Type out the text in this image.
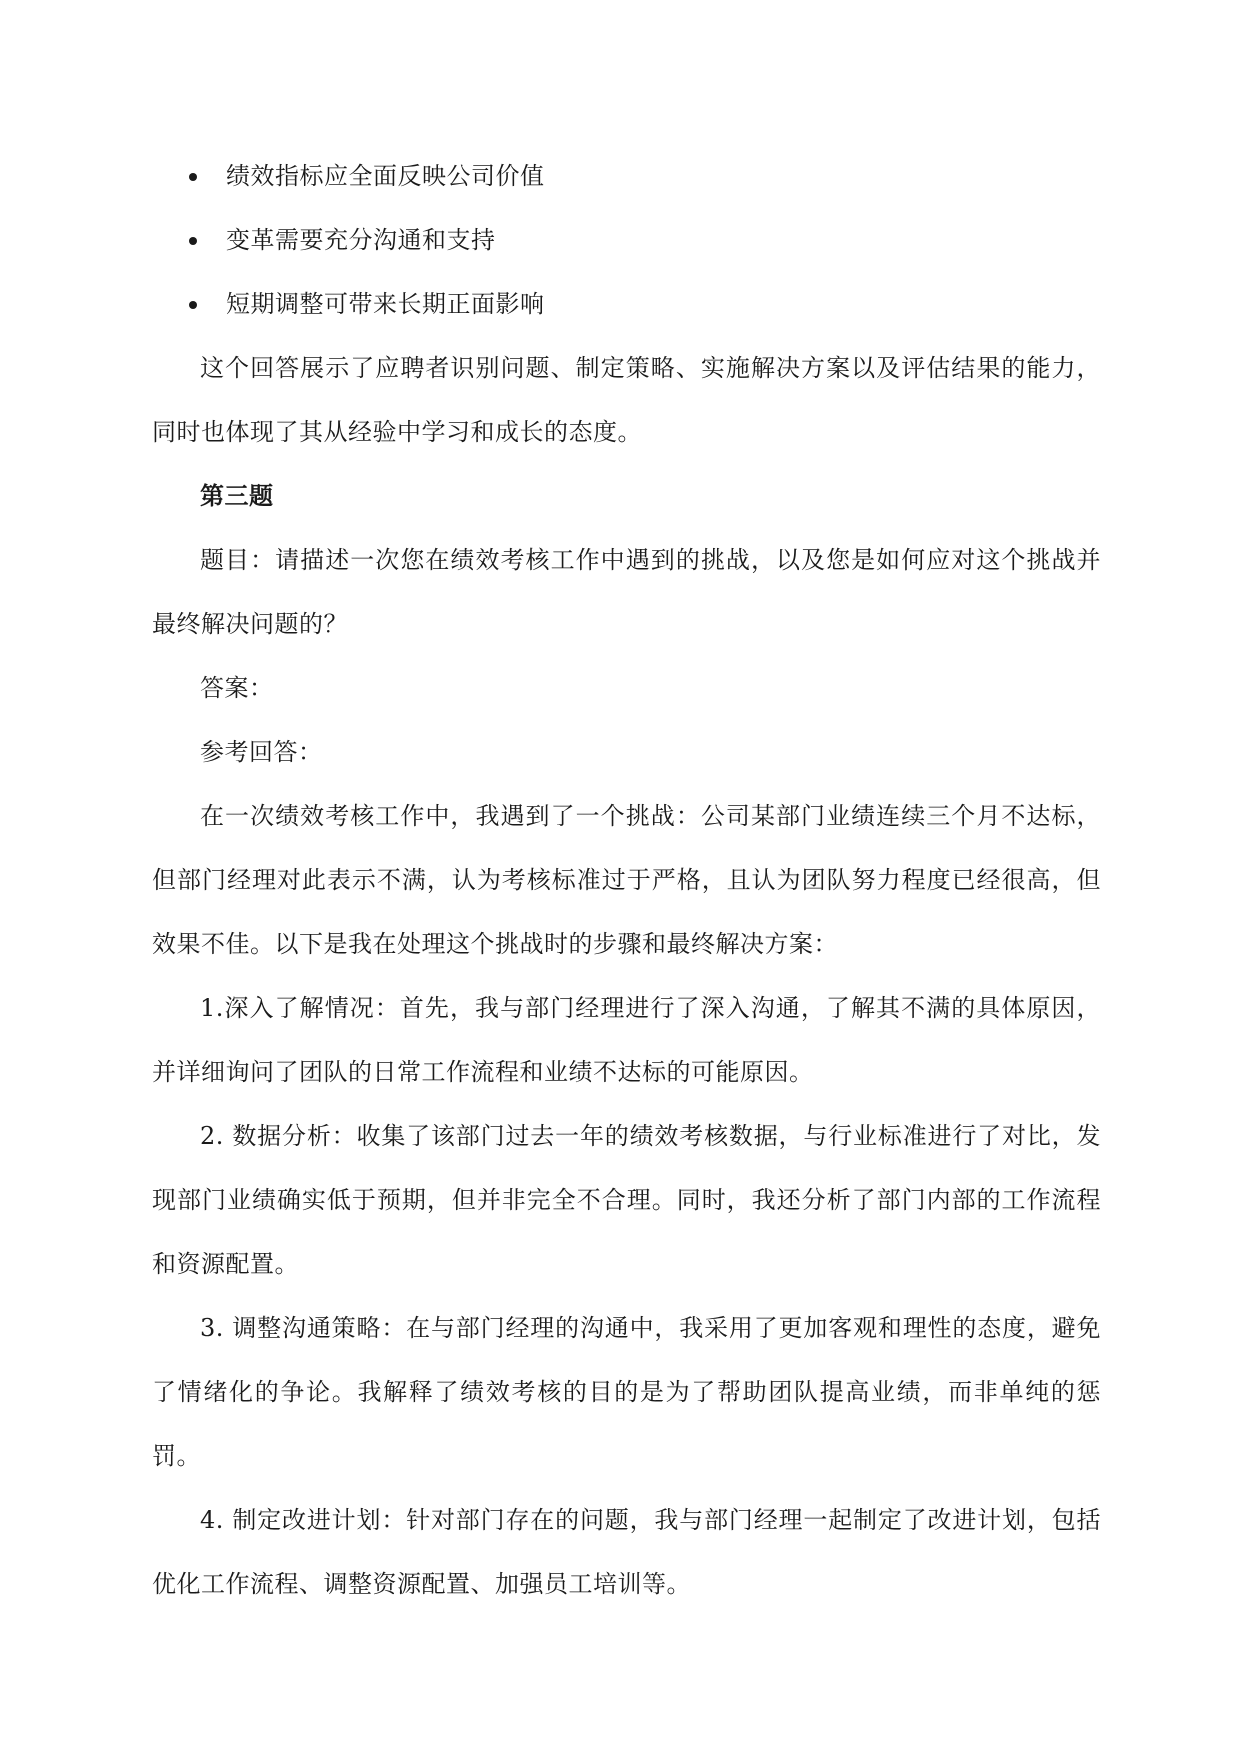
绩效指标应全面反映公司价值
变革需要充分沟通和支持
短期调整可带来长期正面影响

这个回答展示了应聘者识别问题、制定策略、实施解决方案以及评估结果的能力，同时也体现了其从经验中学习和成长的态度。

第三题

题目：请描述一次您在绩效考核工作中遇到的挑战，以及您是如何应对这个挑战并最终解决问题的？

答案：

参考回答：

在一次绩效考核工作中，我遇到了一个挑战：公司某部门业绩连续三个月不达标，但部门经理对此表示不满，认为考核标准过于严格，且认为团队努力程度已经很高，但效果不佳。以下是我在处理这个挑战时的步骤和最终解决方案：

1.深入了解情况：首先，我与部门经理进行了深入沟通，了解其不满的具体原因，并详细询问了团队的日常工作流程和业绩不达标的可能原因。

2. 数据分析：收集了该部门过去一年的绩效考核数据，与行业标准进行了对比，发现部门业绩确实低于预期，但并非完全不合理。同时，我还分析了部门内部的工作流程和资源配置。

3. 调整沟通策略：在与部门经理的沟通中，我采用了更加客观和理性的态度，避免了情绪化的争论。我解释了绩效考核的目的是为了帮助团队提高业绩，而非单纯的惩罚。

4. 制定改进计划：针对部门存在的问题，我与部门经理一起制定了改进计划，包括优化工作流程、调整资源配置、加强员工培训等。
